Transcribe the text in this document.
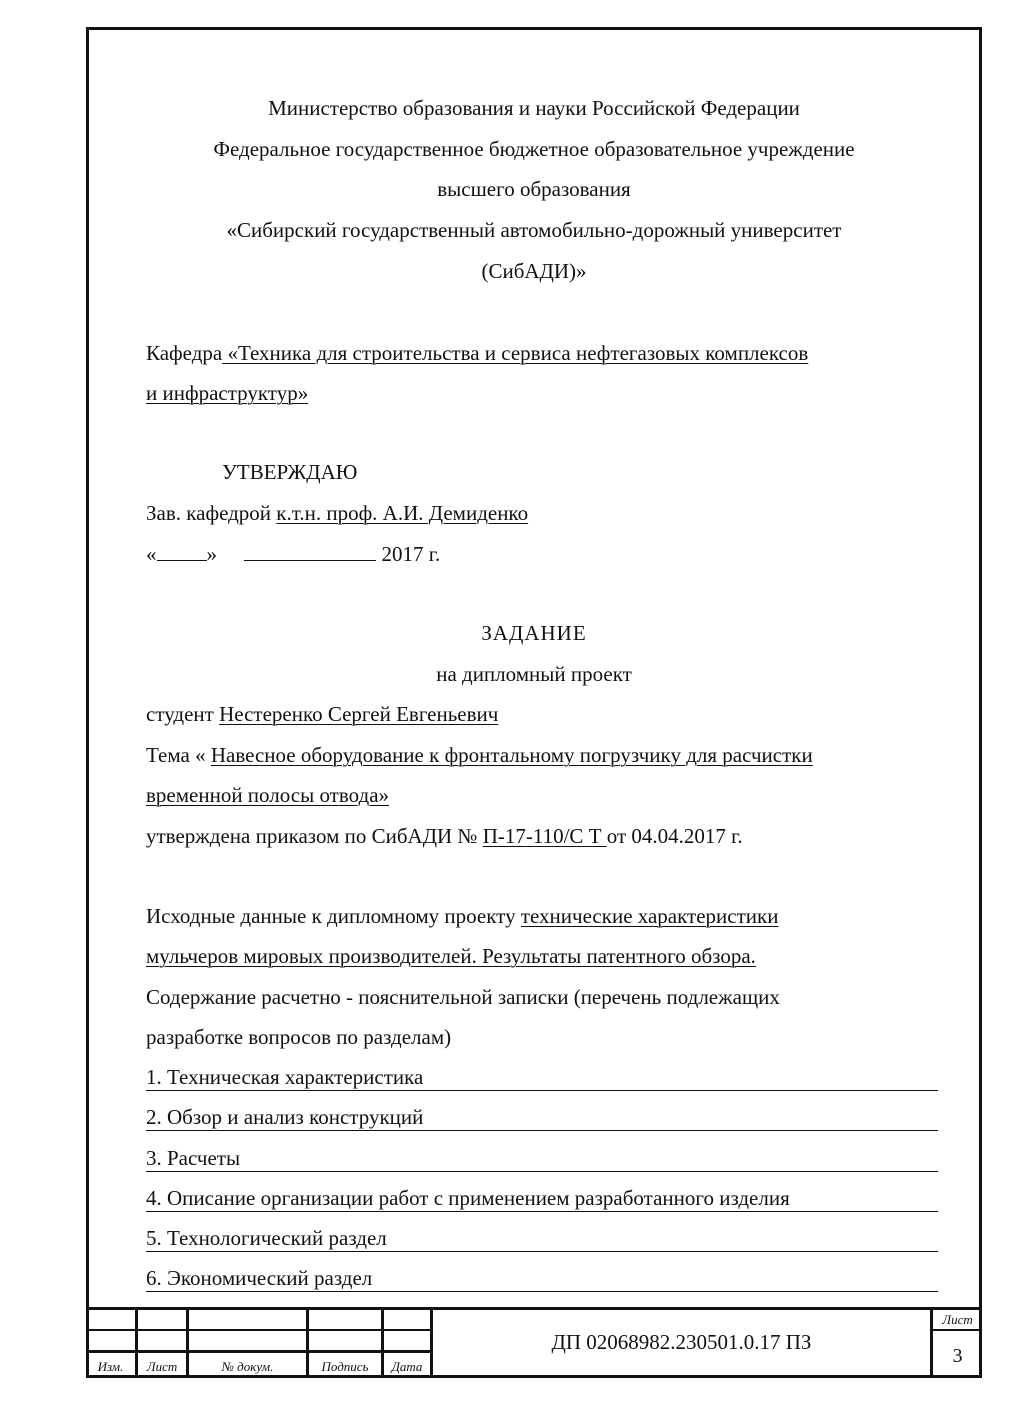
Министерство образования и науки Российской Федерации
Федеральное государственное бюджетное образовательное учреждение
высшего образования
«Сибирский государственный автомобильно-дорожный университет
(СибАДИ)»
Кафедра «Техника для строительства и сервиса нефтегазовых комплексов
и инфраструктур»
УТВЕРЖДАЮ
Зав. кафедрой к.т.н. проф. А.И. Демиденко
« »	2017 г.
ЗАДАНИЕ
на дипломный проект
студент Нестеренко Сергей Евгеньевич
Тема « Навесное оборудование к фронтальному погрузчику для расчистки
временной полосы отвода»
утверждена приказом по СибАДИ № П-17-110/С Т от 04.04.2017 г.
Исходные данные к дипломному проекту технические характеристики
мульчеров мировых производителей. Результаты патентного обзора.
Содержание расчетно - пояснительной записки (перечень подлежащих
разработке вопросов по разделам)
1. Техническая характеристика
2. Обзор и анализ конструкций
3. Расчеты
4. Описание организации работ с применением разработанного изделия
5. Технологический раздел
6. Экономический раздел
Изм.	Лист	№ докум.	Подпись	Дата
ДП 02068982.230501.0.17 ПЗ
Лист
3
